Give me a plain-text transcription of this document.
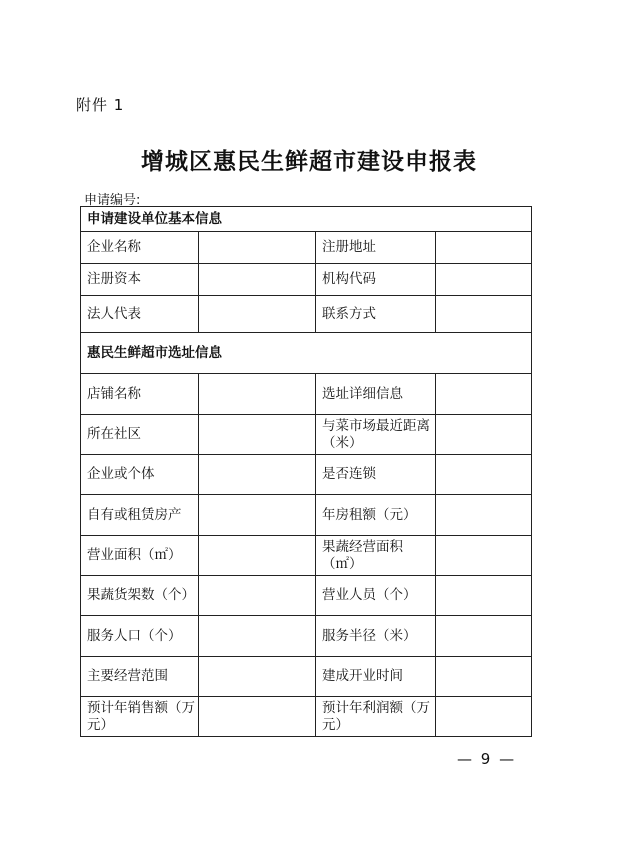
附件 1
增城区惠民生鲜超市建设申报表
申请编号:
申请建设单位基本信息			
企业名称		注册地址	
注册资本		机构代码	
法人代表		联系方式	
惠民生鲜超市选址信息			
店铺名称		选址详细信息	
所在社区		与菜市场最近距离（米）	
企业或个体		是否连锁	
自有或租赁房产		年房租额（元）	
营业面积（㎡）		果蔬经营面积（㎡）	
果蔬货架数（个）		营业人员（个）	
服务人口（个）		服务半径（米）	
主要经营范围		建成开业时间	
预计年销售额（万元）		预计年利润额（万元）	
— 9 —
